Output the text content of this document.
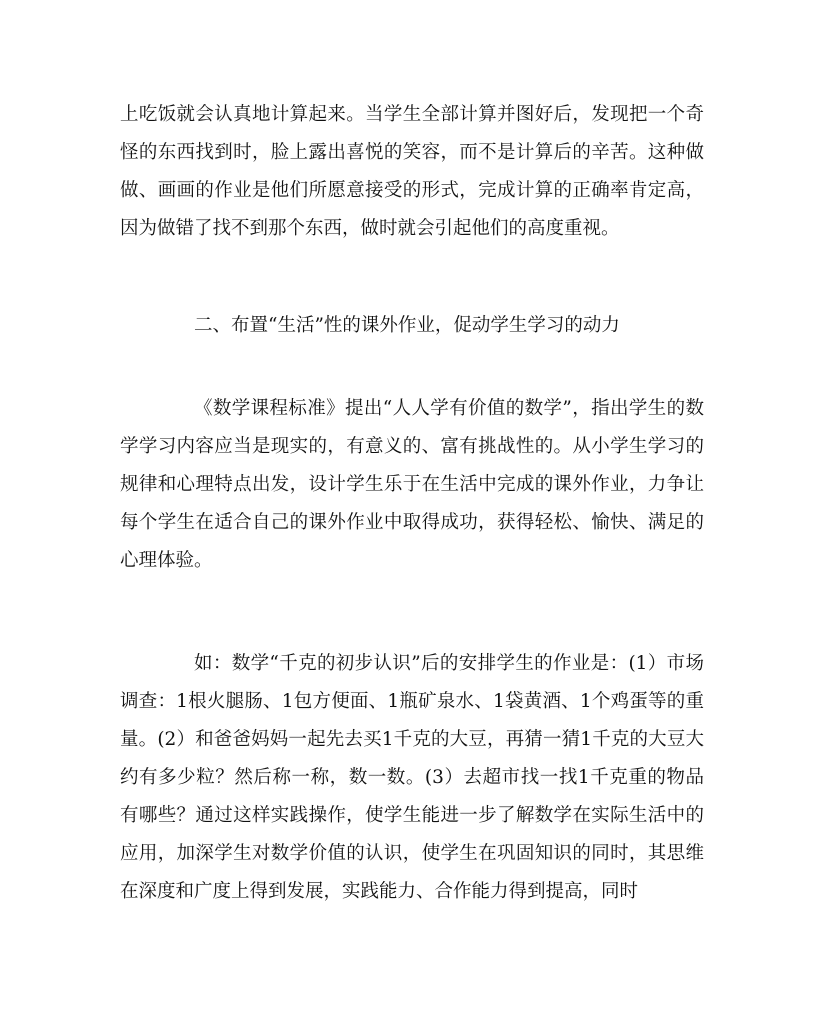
上吃饭就会认真地计算起来。当学生全部计算并图好后，发现把一个奇怪的东西找到时，脸上露出喜悦的笑容，而不是计算后的辛苦。这种做做、画画的作业是他们所愿意接受的形式，完成计算的正确率肯定高，因为做错了找不到那个东西，做时就会引起他们的高度重视。

二、布置“生活”性的课外作业，促动学生学习的动力

《数学课程标准》提出“人人学有价值的数学”，指出学生的数学学习内容应当是现实的，有意义的、富有挑战性的。从小学生学习的规律和心理特点出发，设计学生乐于在生活中完成的课外作业，力争让每个学生在适合自己的课外作业中取得成功，获得轻松、愉快、满足的心理体验。

如：数学“千克的初步认识”后的安排学生的作业是：(1）市场调查：1根火腿肠、1包方便面、1瓶矿泉水、1袋黄酒、1个鸡蛋等的重量。(2）和爸爸妈妈一起先去买1千克的大豆，再猜一猜1千克的大豆大约有多少粒？然后称一称，数一数。(3）去超市找一找1千克重的物品有哪些？通过这样实践操作，使学生能进一步了解数学在实际生活中的应用，加深学生对数学价值的认识，使学生在巩固知识的同时，其思维在深度和广度上得到发展，实践能力、合作能力得到提高，同时
